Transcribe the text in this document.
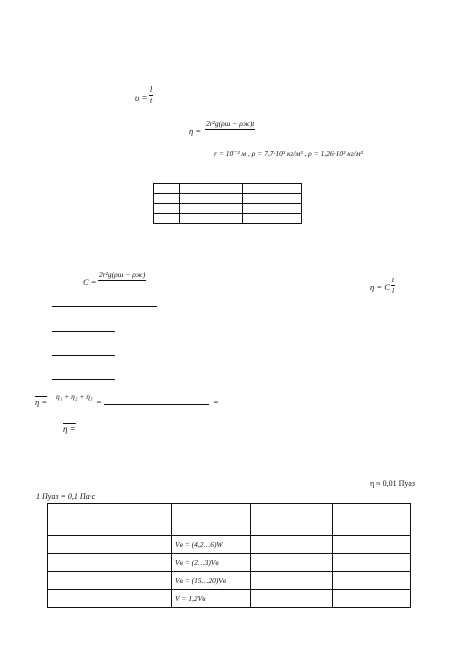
$\upsilon = \frac{l}{t}$
η =
2r²g(ρш − ρж)t
9l
r = 10⁻³ м , ρ = 7,7·10³ кг/м³ , ρ = 1,26·10³ кг/м³

C =
2r²g(ρш − ρж)
9l	η = C $\frac{t}{l}$
η =
η₁ + η₂ + η₃
3 =	=
η =
η ≈ 0,01 Пуаз
1 Пуаз = 0,1 Па·с

	Vв = (4,2…6)W		
	Vв = (2…3)Vв		
	Vв = (15…20)Vв		
	V = 1,2Vв		
